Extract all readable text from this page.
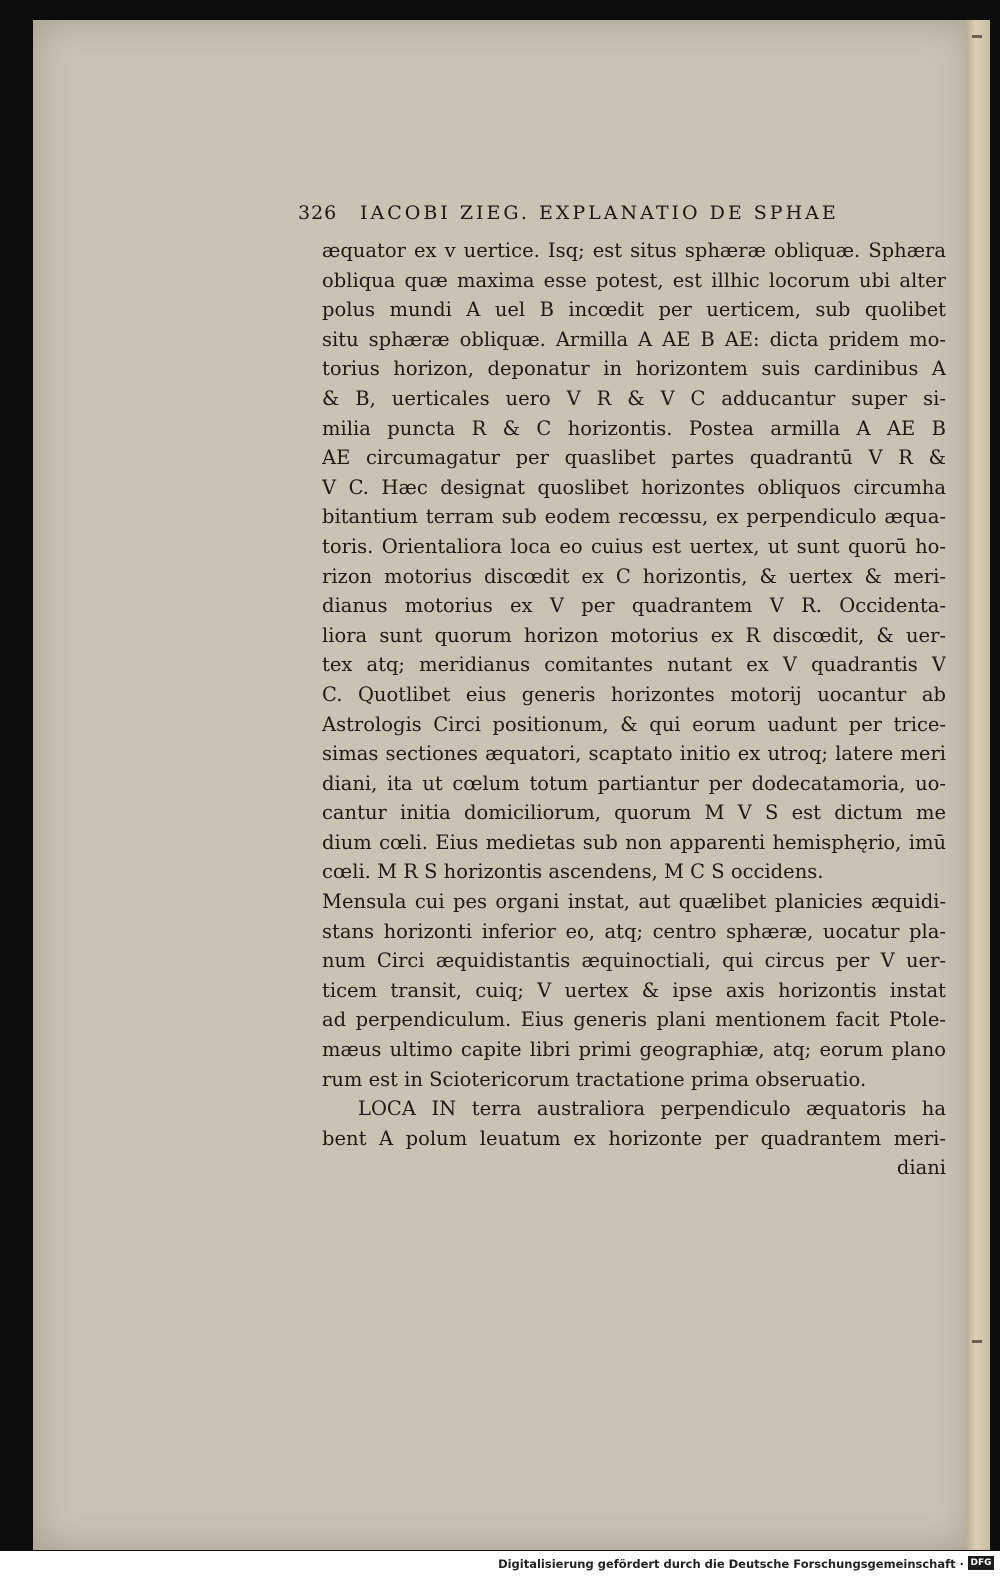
326 IACOBI ZIEG. EXPLANATIO DE SPHAE
æquator ex v uertice. Isq; est situs sphæræ obliquæ. Sphæra
obliqua quæ maxima esse potest, est illhic locorum ubi alter
polus mundi A uel B incœdit per uerticem, sub quolibet
situ sphæræ obliquæ. Armilla A AE B AE: dicta pridem mo-
torius horizon, deponatur in horizontem suis cardinibus A
& B, uerticales uero V R & V C adducantur super si-
milia puncta R & C horizontis. Postea armilla A AE B
AE circumagatur per quaslibet partes quadrantū V R &
V C. Hæc designat quoslibet horizontes obliquos circumha
bitantium terram sub eodem recœssu, ex perpendiculo æqua-
toris. Orientaliora loca eo cuius est uertex, ut sunt quorū ho-
rizon motorius discœdit ex C horizontis, & uertex & meri-
dianus motorius ex V per quadrantem V R. Occidenta-
liora sunt quorum horizon motorius ex R discœdit, & uer-
tex atq; meridianus comitantes nutant ex V quadrantis V
C. Quotlibet eius generis horizontes motorij uocantur ab
Astrologis Circi positionum, & qui eorum uadunt per trice-
simas sectiones æquatori, scaptato initio ex utroq; latere meri
diani, ita ut cœlum totum partiantur per dodecatamoria, uo-
cantur initia domiciliorum, quorum M V S est dictum me
dium cœli. Eius medietas sub non apparenti hemisphęrio, imū
cœli. M R S horizontis ascendens, M C S occidens.
Mensula cui pes organi instat, aut quælibet planicies æquidi-
stans horizonti inferior eo, atq; centro sphæræ, uocatur pla-
num Circi æquidistantis æquinoctiali, qui circus per V uer-
ticem transit, cuiq; V uertex & ipse axis horizontis instat
ad perpendiculum. Eius generis plani mentionem facit Ptole-
mæus ultimo capite libri primi geographiæ, atq; eorum plano
rum est in Sciotericorum tractatione prima obseruatio.
LOCA IN terra australiora perpendiculo æquatoris ha
bent A polum leuatum ex horizonte per quadrantem meri-
diani
Digitalisierung gefördert durch die Deutsche Forschungsgemeinschaft · DFG
